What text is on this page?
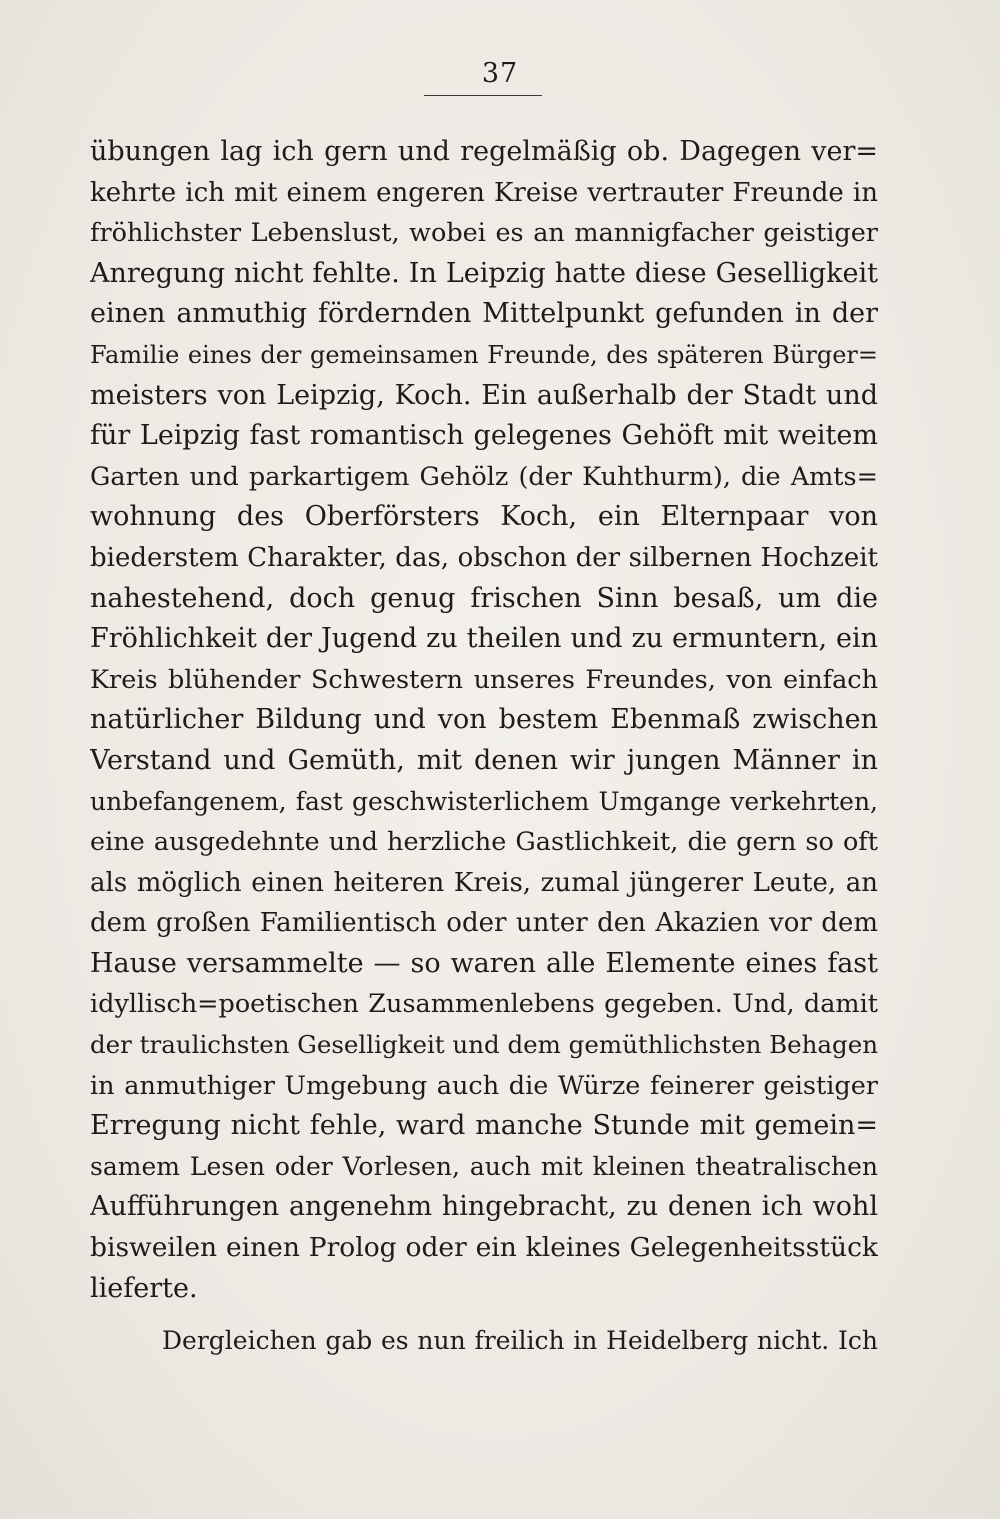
37
übungen lag ich gern und regelmäßig ob. Dagegen ver=
kehrte ich mit einem engeren Kreise vertrauter Freunde in
fröhlichster Lebenslust, wobei es an mannigfacher geistiger
Anregung nicht fehlte. In Leipzig hatte diese Geselligkeit
einen anmuthig fördernden Mittelpunkt gefunden in der
Familie eines der gemeinsamen Freunde, des späteren Bürger=
meisters von Leipzig, Koch. Ein außerhalb der Stadt und
für Leipzig fast romantisch gelegenes Gehöft mit weitem
Garten und parkartigem Gehölz (der Kuhthurm), die Amts=
wohnung des Oberförsters Koch, ein Elternpaar von
biederstem Charakter, das, obschon der silbernen Hochzeit
nahestehend, doch genug frischen Sinn besaß, um die
Fröhlichkeit der Jugend zu theilen und zu ermuntern, ein
Kreis blühender Schwestern unseres Freundes, von einfach
natürlicher Bildung und von bestem Ebenmaß zwischen
Verstand und Gemüth, mit denen wir jungen Männer in
unbefangenem, fast geschwisterlichem Umgange verkehrten,
eine ausgedehnte und herzliche Gastlichkeit, die gern so oft
als möglich einen heiteren Kreis, zumal jüngerer Leute, an
dem großen Familientisch oder unter den Akazien vor dem
Hause versammelte — so waren alle Elemente eines fast
idyllisch=poetischen Zusammenlebens gegeben. Und, damit
der traulichsten Geselligkeit und dem gemüthlichsten Behagen
in anmuthiger Umgebung auch die Würze feinerer geistiger
Erregung nicht fehle, ward manche Stunde mit gemein=
samem Lesen oder Vorlesen, auch mit kleinen theatralischen
Aufführungen angenehm hingebracht, zu denen ich wohl
bisweilen einen Prolog oder ein kleines Gelegenheitsstück
lieferte.
Dergleichen gab es nun freilich in Heidelberg nicht. Ich
